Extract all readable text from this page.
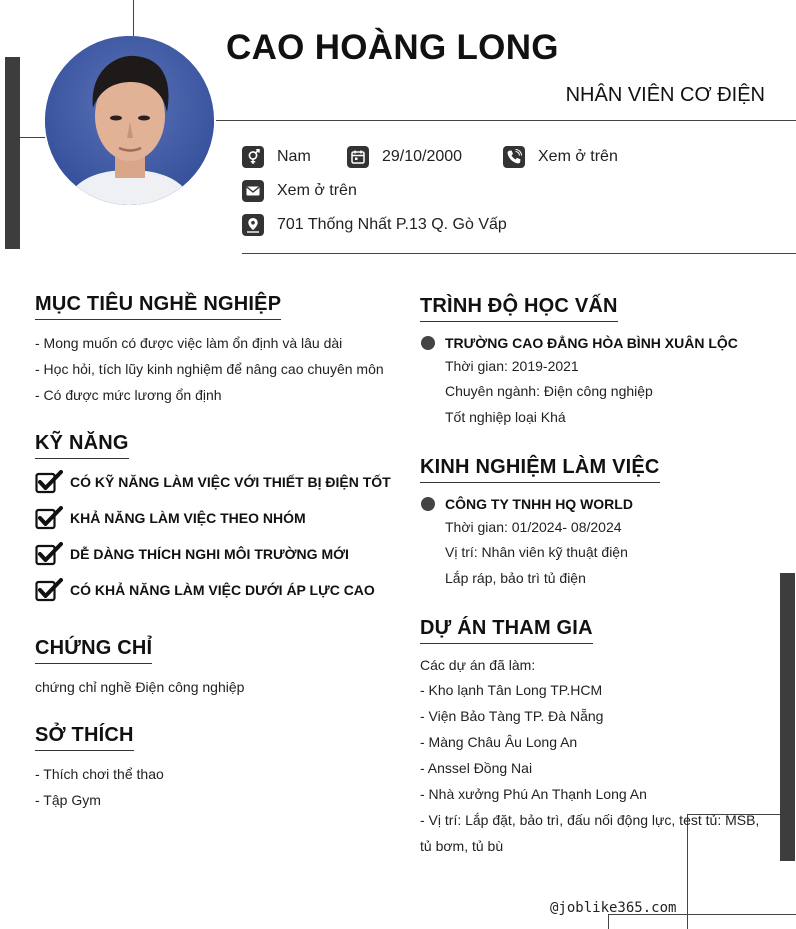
CAO HOÀNG LONG
NHÂN VIÊN CƠ ĐIỆN
Nam	29/10/2000	Xem ở trên
Xem ở trên
701 Thống Nhất P.13 Q. Gò Vấp
MỤC TIÊU NGHỀ NGHIỆP
- Mong muốn có được việc làm ổn định và lâu dài
- Học hỏi, tích lũy kinh nghiệm để nâng cao chuyên môn
- Có được mức lương ổn định
KỸ NĂNG
CÓ KỸ NĂNG LÀM VIỆC VỚI THIẾT BỊ ĐIỆN TỐT
KHẢ NĂNG LÀM VIỆC THEO NHÓM
DỄ DÀNG THÍCH NGHI MÔI TRƯỜNG MỚI
CÓ KHẢ NĂNG LÀM VIỆC DƯỚI ÁP LỰC CAO
CHỨNG CHỈ
chứng chỉ nghề Điện công nghiệp
SỞ THÍCH
- Thích chơi thể thao
- Tập Gym
TRÌNH ĐỘ HỌC VẤN
TRƯỜNG CAO ĐẲNG HÒA BÌNH XUÂN LỘC
Thời gian: 2019-2021
Chuyên ngành: Điện công nghiệp
Tốt nghiệp loại Khá
KINH NGHIỆM LÀM VIỆC
CÔNG TY TNHH HQ WORLD
Thời gian: 01/2024- 08/2024
Vị trí: Nhân viên kỹ thuật điện
Lắp ráp, bảo trì tủ điện
DỰ ÁN THAM GIA
Các dự án đã làm:
- Kho lạnh Tân Long TP.HCM
- Viện Bảo Tàng TP. Đà Nẵng
- Màng Châu Âu Long An
- Anssel Đồng Nai
- Nhà xưởng Phú An Thạnh Long An
- Vị trí: Lắp đặt, bảo trì, đấu nối động lực, test tủ: MSB,
tủ bơm, tủ bù
@joblike365.com
